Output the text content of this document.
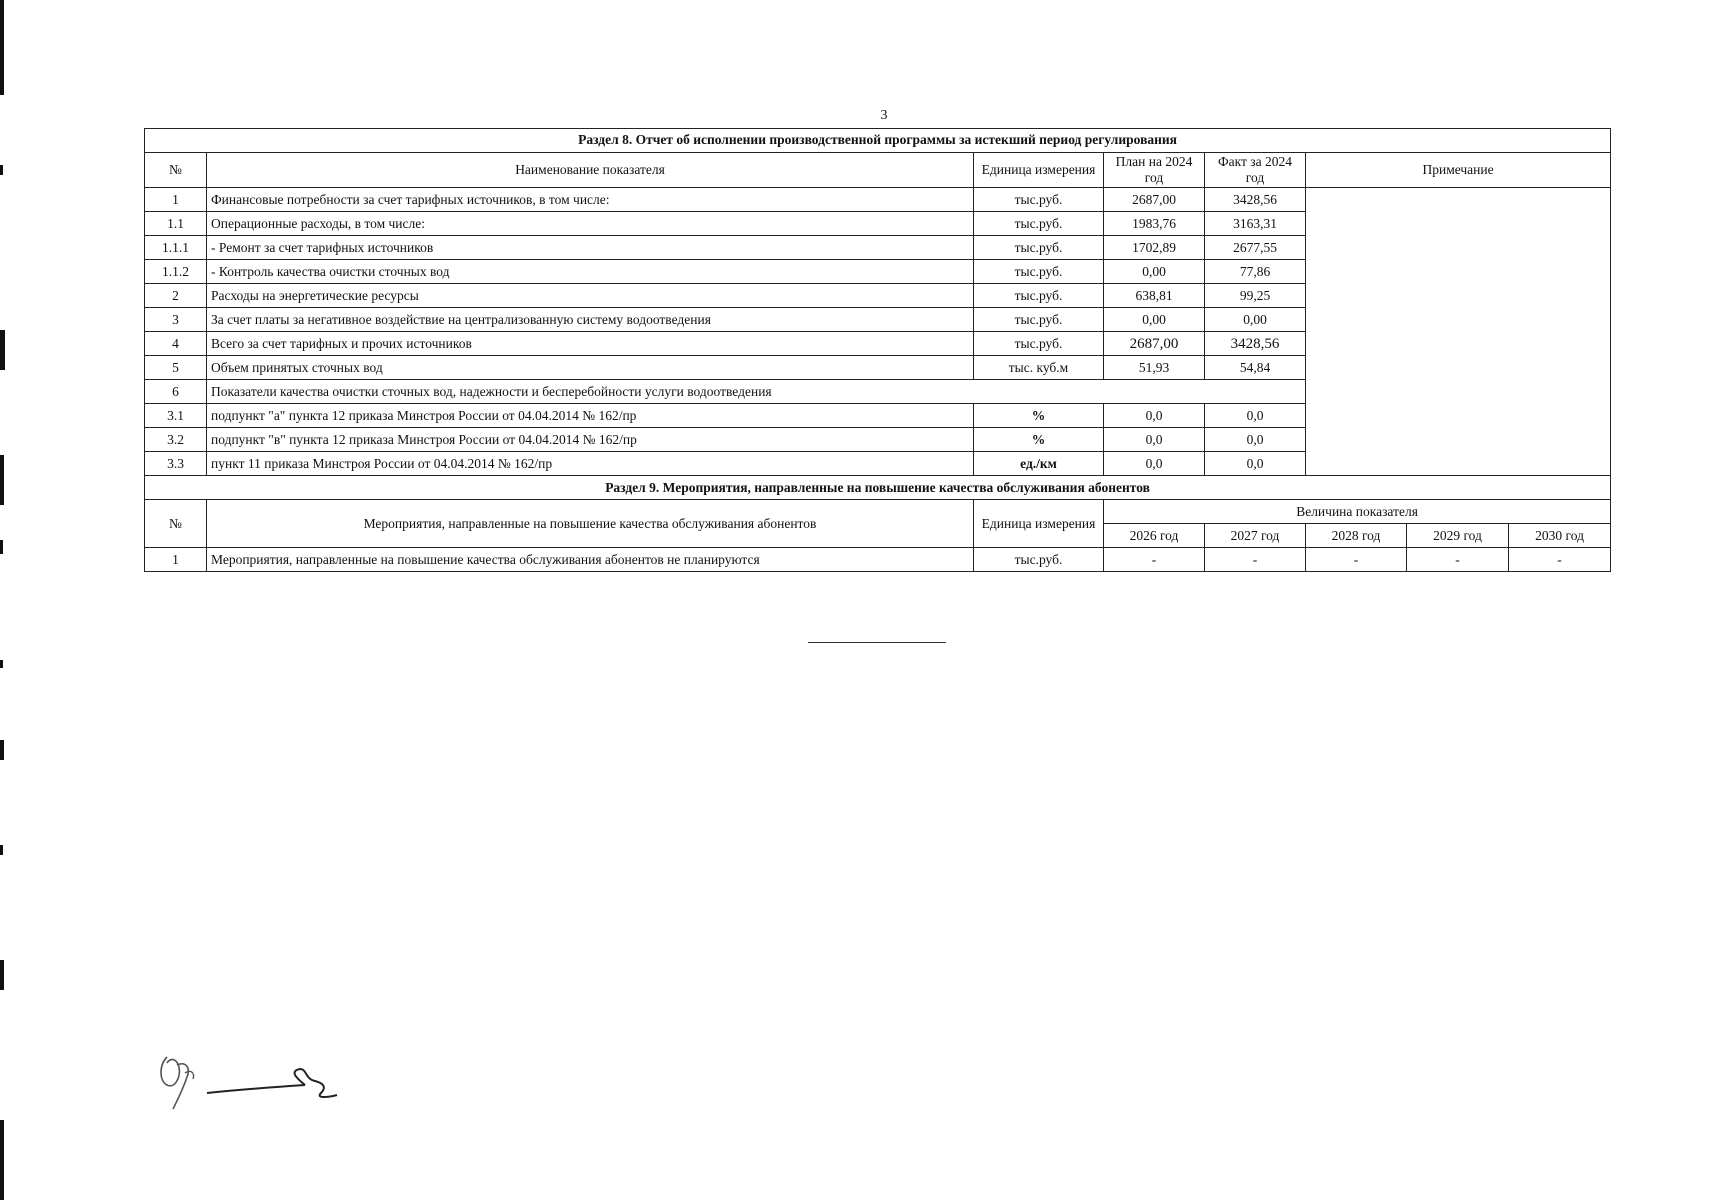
3
Раздел 8. Отчет об исполнении производственной программы за истекший период регулирования							
№	Наименование показателя	Единица измерения	План на 2024 год	Факт за 2024 год	Примечание		
1	Финансовые потребности за счет тарифных источников, в том числе:	тыс.руб.	2687,00	3428,56			
1.1	Операционные расходы, в том числе:	тыс.руб.	1983,76	3163,31			
1.1.1	- Ремонт за счет тарифных источников	тыс.руб.	1702,89	2677,55			
1.1.2	- Контроль качества очистки сточных вод	тыс.руб.	0,00	77,86			
2	Расходы на энергетические ресурсы	тыс.руб.	638,81	99,25			
3	За счет платы за негативное воздействие на централизованную систему водоотведения	тыс.руб.	0,00	0,00			
4	Всего за счет тарифных и прочих источников	тыс.руб.	2687,00	3428,56			
5	Объем принятых сточных вод	тыс. куб.м	51,93	54,84			
6	Показатели качества очистки сточных вод, надежности и бесперебойности услуги водоотведения						
3.1	подпункт "а" пункта 12 приказа Минстроя России от 04.04.2014 № 162/пр	%	0,0	0,0			
3.2	подпункт "в" пункта 12 приказа Минстроя России от 04.04.2014 № 162/пр	%	0,0	0,0			
3.3	пункт 11 приказа Минстроя России от 04.04.2014 № 162/пр	ед./км	0,0	0,0			
Раздел 9. Мероприятия, направленные на повышение качества обслуживания абонентов							
№	Мероприятия, направленные на повышение качества обслуживания абонентов	Единица измерения	Величина показателя				
			2026 год	2027 год	2028 год	2029 год	2030 год
1	Мероприятия, направленные на повышение качества обслуживания абонентов не планируются	тыс.руб.	-	-	-	-	-
